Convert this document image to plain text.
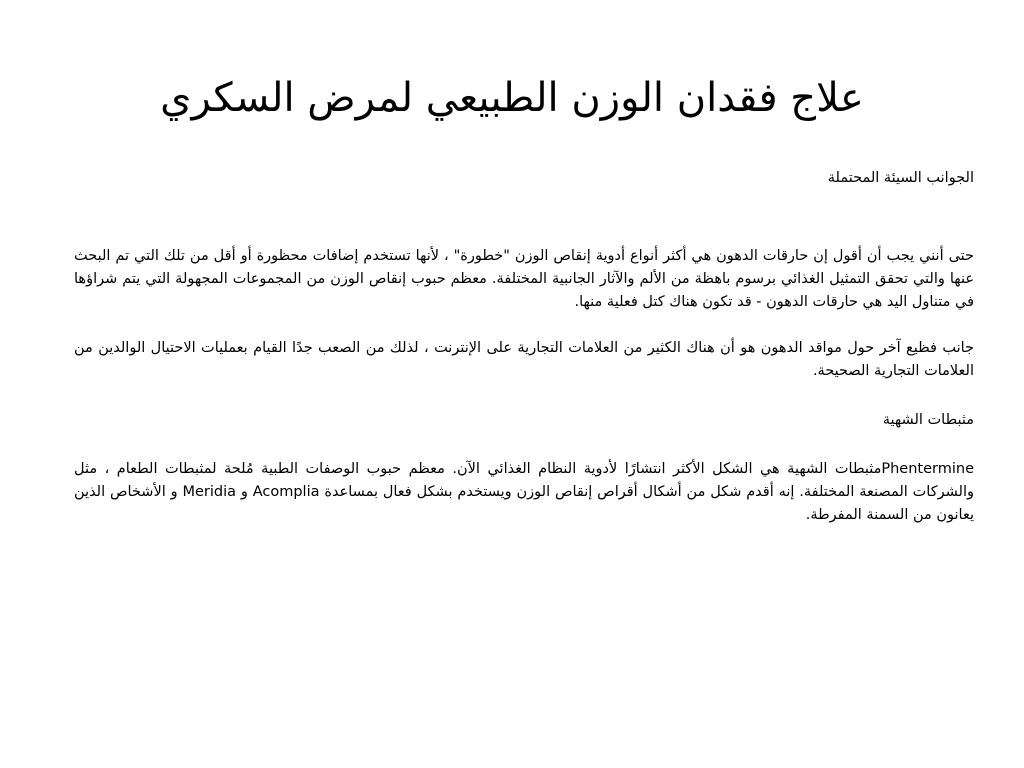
علاج فقدان الوزن الطبيعي لمرض السكري

الجوانب السيئة المحتملة

حتى أنني يجب أن أقول إن حارقات الدهون هي أكثر أنواع أدوية إنقاص الوزن "خطورة" ، لأنها تستخدم إضافات محظورة أو أقل من تلك التي تم البحث عنها والتي تحقق التمثيل الغذائي برسوم باهظة من الألم والآثار الجانبية المختلفة. معظم حبوب إنقاص الوزن من المجموعات المجهولة التي يتم شراؤها في متناول اليد هي حارقات الدهون - قد تكون هناك كتل فعلية منها.

جانب فظيع آخر حول مواقد الدهون هو أن هناك الكثير من العلامات التجارية على الإنترنت ، لذلك من الصعب جدًا القيام بعمليات الاحتيال الوالدين من العلامات التجارية الصحيحة.

مثبطات الشهية

Phentermineمثبطات الشهية هي الشكل الأكثر انتشارًا لأدوية النظام الغذائي الآن. معظم حبوب الوصفات الطبية مُلحة لمثبطات الطعام ، مثل والشركات المصنعة المختلفة. إنه أقدم شكل من أشكال أقراص إنقاص الوزن ويستخدم بشكل فعال بمساعدة Acomplia و Meridia و الأشخاص الذين يعانون من السمنة المفرطة.
